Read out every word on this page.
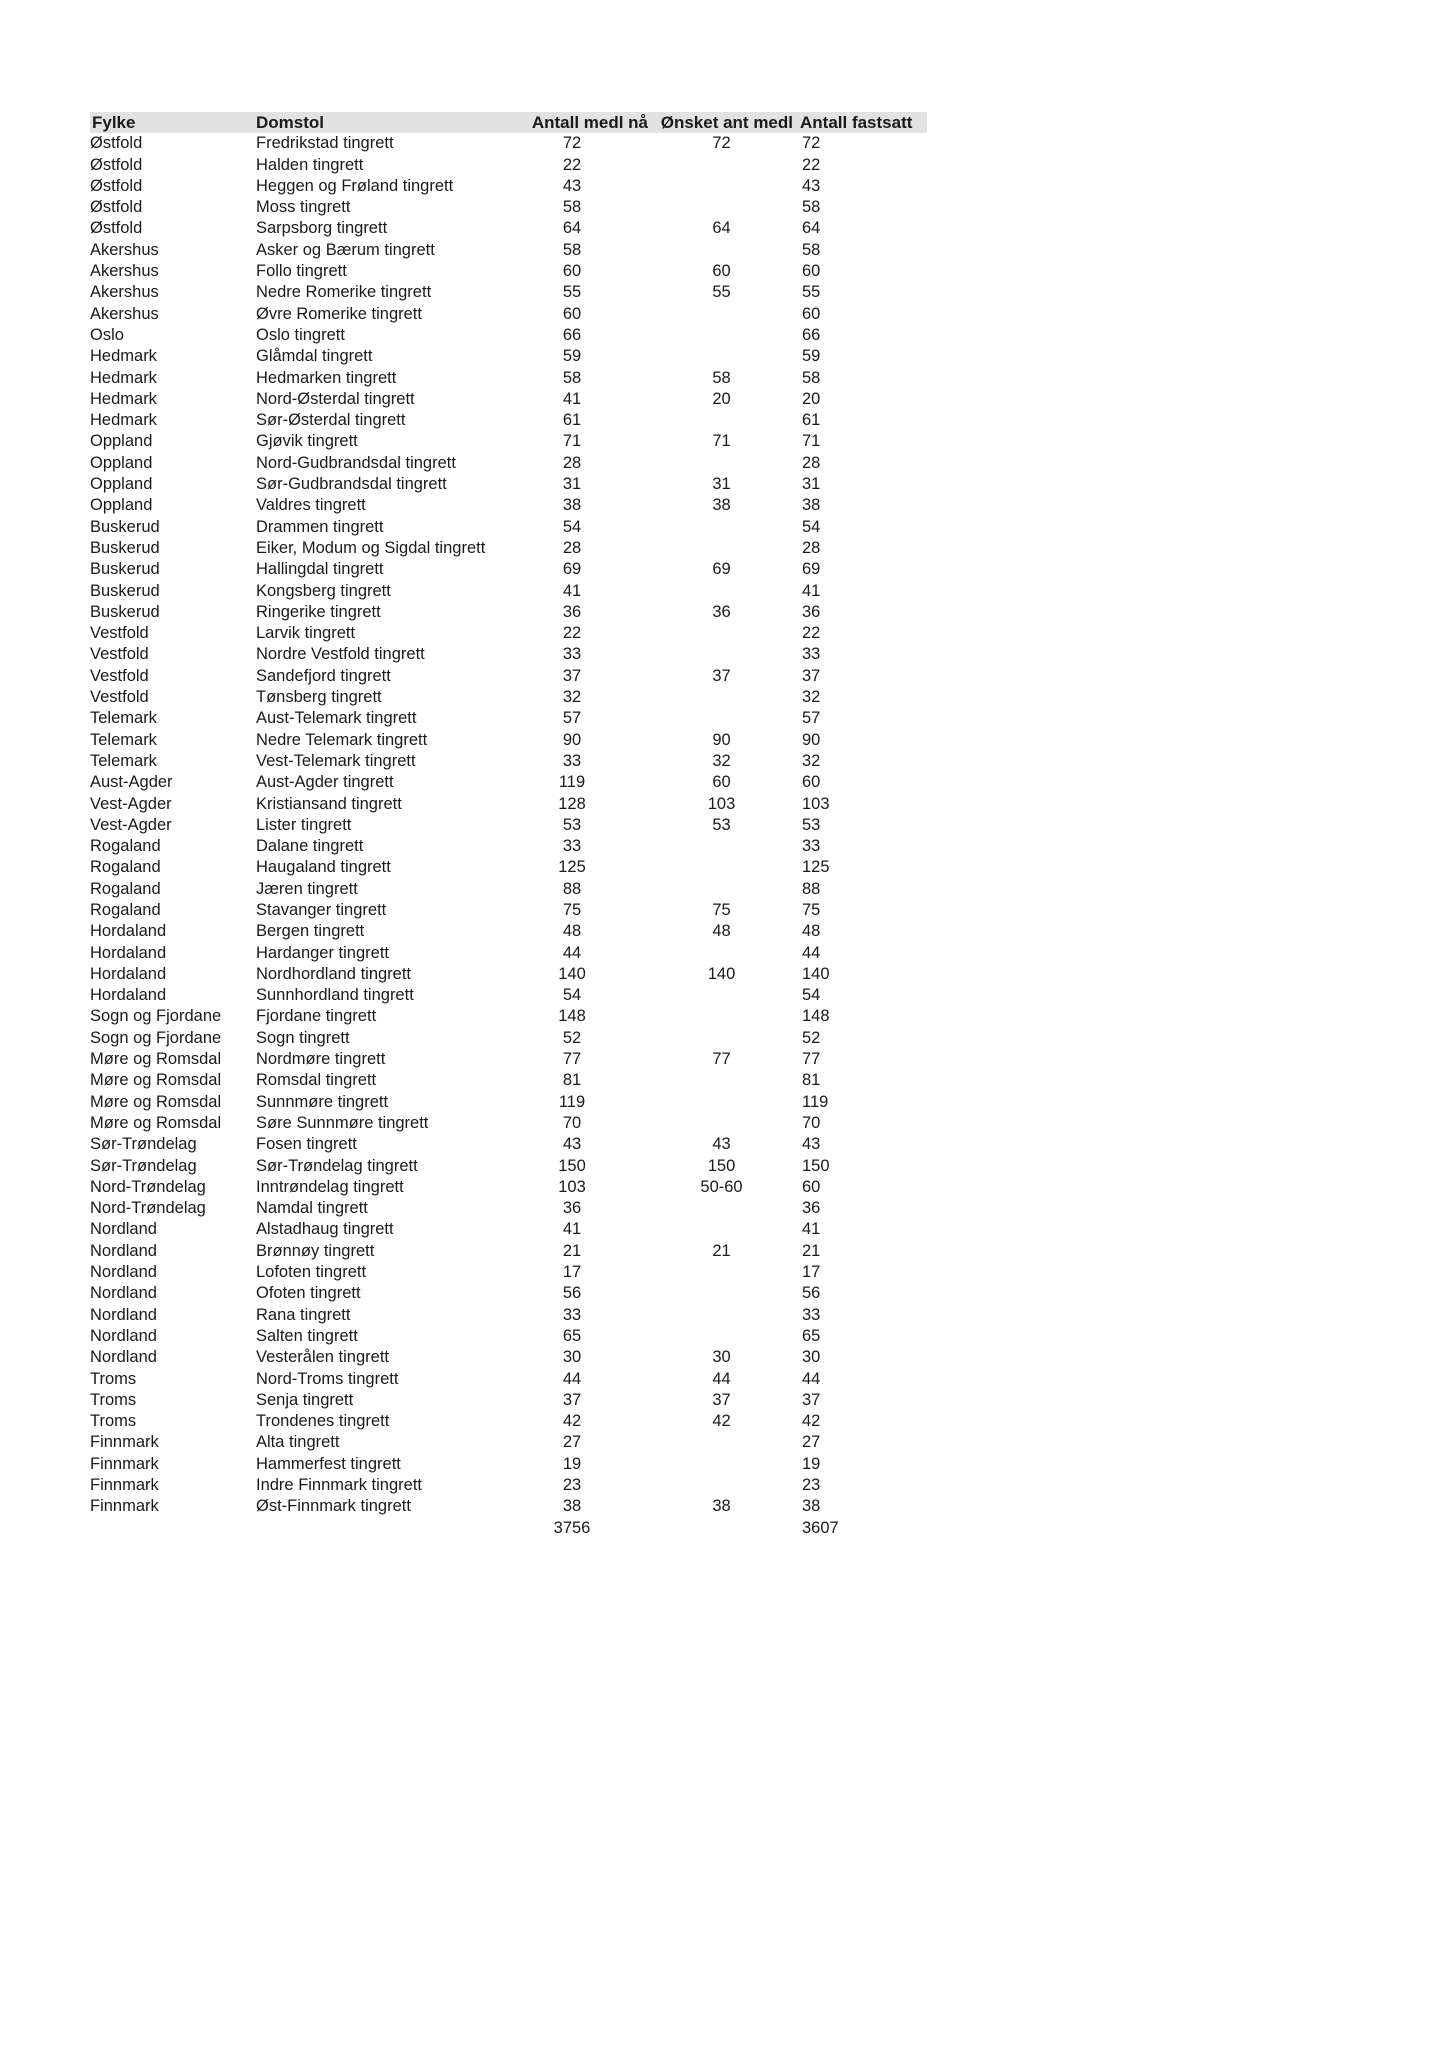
Fylke	Domstol	Antall medl nå	Ønsket ant medl	Antall fastsatt
Østfold	Fredrikstad tingrett	72	72	72
Østfold	Halden tingrett	22		22
Østfold	Heggen og Frøland tingrett	43		43
Østfold	Moss tingrett	58		58
Østfold	Sarpsborg tingrett	64	64	64
Akershus	Asker og Bærum tingrett	58		58
Akershus	Follo tingrett	60	60	60
Akershus	Nedre Romerike tingrett	55	55	55
Akershus	Øvre Romerike tingrett	60		60
Oslo	Oslo tingrett	66		66
Hedmark	Glåmdal tingrett	59		59
Hedmark	Hedmarken tingrett	58	58	58
Hedmark	Nord-Østerdal tingrett	41	20	20
Hedmark	Sør-Østerdal tingrett	61		61
Oppland	Gjøvik tingrett	71	71	71
Oppland	Nord-Gudbrandsdal tingrett	28		28
Oppland	Sør-Gudbrandsdal tingrett	31	31	31
Oppland	Valdres tingrett	38	38	38
Buskerud	Drammen tingrett	54		54
Buskerud	Eiker, Modum og Sigdal tingrett	28		28
Buskerud	Hallingdal tingrett	69	69	69
Buskerud	Kongsberg tingrett	41		41
Buskerud	Ringerike tingrett	36	36	36
Vestfold	Larvik tingrett	22		22
Vestfold	Nordre Vestfold tingrett	33		33
Vestfold	Sandefjord tingrett	37	37	37
Vestfold	Tønsberg tingrett	32		32
Telemark	Aust-Telemark tingrett	57		57
Telemark	Nedre Telemark tingrett	90	90	90
Telemark	Vest-Telemark tingrett	33	32	32
Aust-Agder	Aust-Agder tingrett	119	60	60
Vest-Agder	Kristiansand tingrett	128	103	103
Vest-Agder	Lister tingrett	53	53	53
Rogaland	Dalane tingrett	33		33
Rogaland	Haugaland tingrett	125		125
Rogaland	Jæren tingrett	88		88
Rogaland	Stavanger tingrett	75	75	75
Hordaland	Bergen tingrett	48	48	48
Hordaland	Hardanger tingrett	44		44
Hordaland	Nordhordland tingrett	140	140	140
Hordaland	Sunnhordland tingrett	54		54
Sogn og Fjordane	Fjordane tingrett	148		148
Sogn og Fjordane	Sogn tingrett	52		52
Møre og Romsdal	Nordmøre tingrett	77	77	77
Møre og Romsdal	Romsdal tingrett	81		81
Møre og Romsdal	Sunnmøre tingrett	119		119
Møre og Romsdal	Søre Sunnmøre tingrett	70		70
Sør-Trøndelag	Fosen tingrett	43	43	43
Sør-Trøndelag	Sør-Trøndelag tingrett	150	150	150
Nord-Trøndelag	Inntrøndelag tingrett	103	50-60	60
Nord-Trøndelag	Namdal tingrett	36		36
Nordland	Alstadhaug tingrett	41		41
Nordland	Brønnøy tingrett	21	21	21
Nordland	Lofoten tingrett	17		17
Nordland	Ofoten tingrett	56		56
Nordland	Rana tingrett	33		33
Nordland	Salten tingrett	65		65
Nordland	Vesterålen tingrett	30	30	30
Troms	Nord-Troms tingrett	44	44	44
Troms	Senja tingrett	37	37	37
Troms	Trondenes tingrett	42	42	42
Finnmark	Alta tingrett	27		27
Finnmark	Hammerfest tingrett	19		19
Finnmark	Indre Finnmark tingrett	23		23
Finnmark	Øst-Finnmark tingrett	38	38	38
		3756		3607
